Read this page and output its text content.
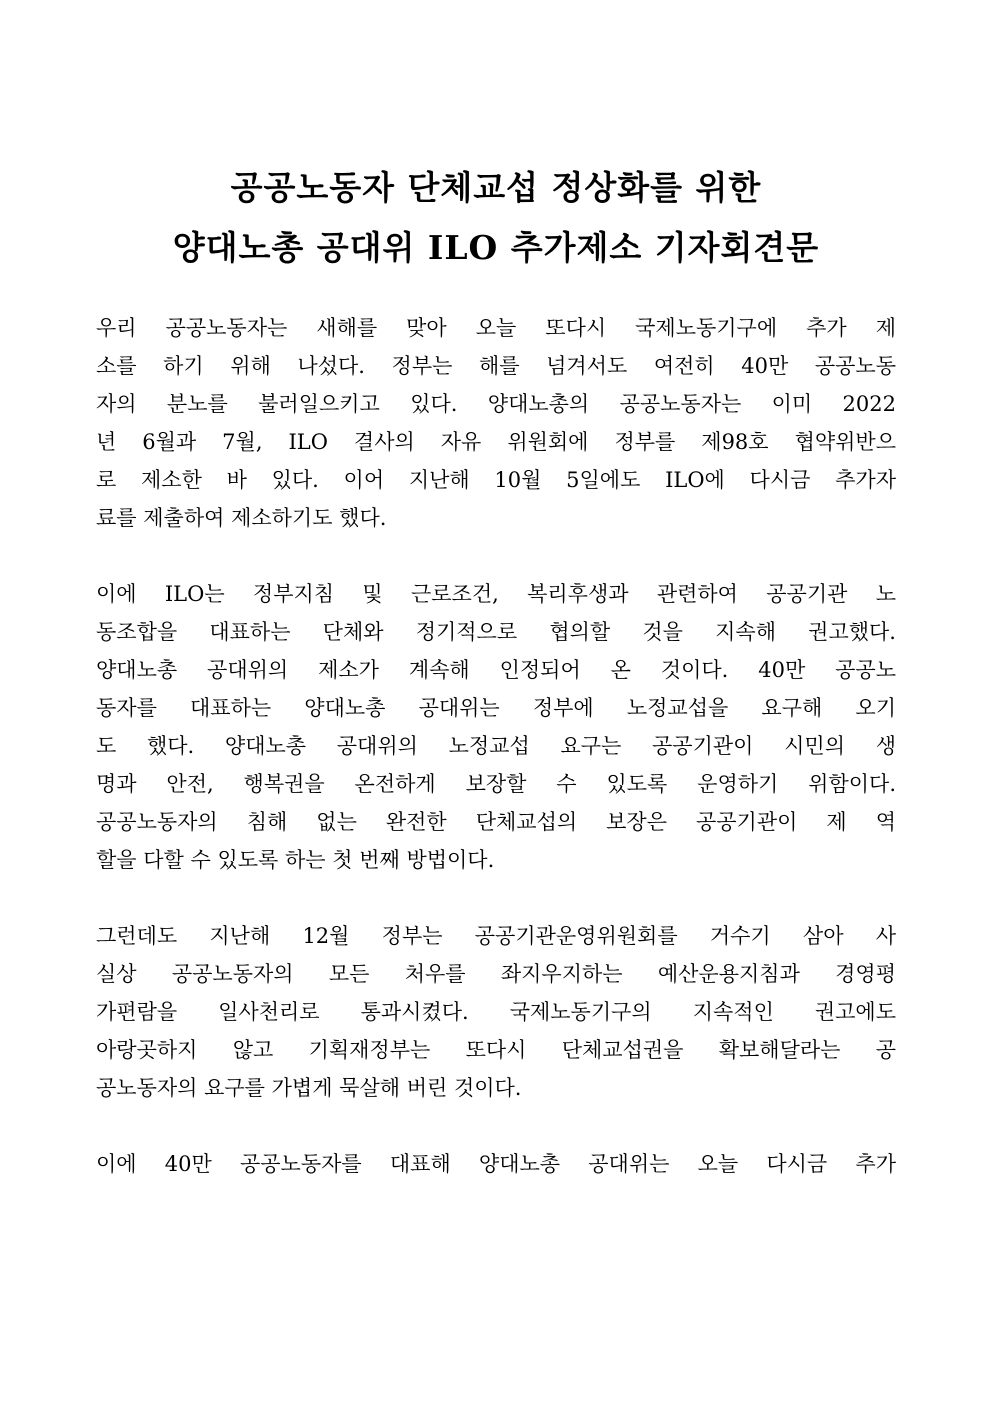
공공노동자 단체교섭 정상화를 위한
양대노총 공대위 ILO 추가제소 기자회견문
우리 공공노동자는 새해를 맞아 오늘 또다시 국제노동기구에 추가 제
소를 하기 위해 나섰다. 정부는 해를 넘겨서도 여전히 40만 공공노동
자의 분노를 불러일으키고 있다. 양대노총의 공공노동자는 이미 2022
년 6월과 7월, ILO 결사의 자유 위원회에 정부를 제98호 협약위반으
로 제소한 바 있다. 이어 지난해 10월 5일에도 ILO에 다시금 추가자
료를 제출하여 제소하기도 했다.
이에 ILO는 정부지침 및 근로조건, 복리후생과 관련하여 공공기관 노
동조합을 대표하는 단체와 정기적으로 협의할 것을 지속해 권고했다.
양대노총 공대위의 제소가 계속해 인정되어 온 것이다. 40만 공공노
동자를 대표하는 양대노총 공대위는 정부에 노정교섭을 요구해 오기
도 했다. 양대노총 공대위의 노정교섭 요구는 공공기관이 시민의 생
명과 안전, 행복권을 온전하게 보장할 수 있도록 운영하기 위함이다.
공공노동자의 침해 없는 완전한 단체교섭의 보장은 공공기관이 제 역
할을 다할 수 있도록 하는 첫 번째 방법이다.
그런데도 지난해 12월 정부는 공공기관운영위원회를 거수기 삼아 사
실상 공공노동자의 모든 처우를 좌지우지하는 예산운용지침과 경영평
가편람을 일사천리로 통과시켰다. 국제노동기구의 지속적인 권고에도
아랑곳하지 않고 기획재정부는 또다시 단체교섭권을 확보해달라는 공
공노동자의 요구를 가볍게 묵살해 버린 것이다.
이에 40만 공공노동자를 대표해 양대노총 공대위는 오늘 다시금 추가
